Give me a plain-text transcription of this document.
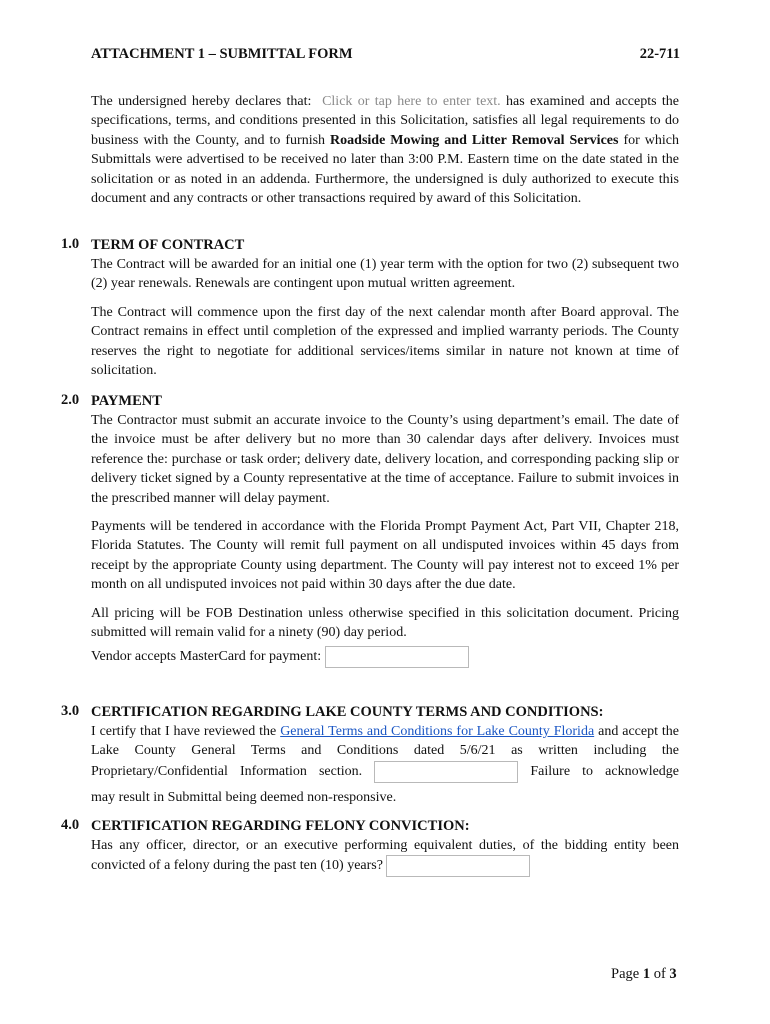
ATTACHMENT 1 – SUBMITTAL FORM	22-711
The undersigned hereby declares that: Click or tap here to enter text. has examined and accepts the specifications, terms, and conditions presented in this Solicitation, satisfies all legal requirements to do business with the County, and to furnish Roadside Mowing and Litter Removal Services for which Submittals were advertised to be received no later than 3:00 P.M. Eastern time on the date stated in the solicitation or as noted in an addenda. Furthermore, the undersigned is duly authorized to execute this document and any contracts or other transactions required by award of this Solicitation.
1.0 TERM OF CONTRACT
The Contract will be awarded for an initial one (1) year term with the option for two (2) subsequent two (2) year renewals. Renewals are contingent upon mutual written agreement.
The Contract will commence upon the first day of the next calendar month after Board approval. The Contract remains in effect until completion of the expressed and implied warranty periods. The County reserves the right to negotiate for additional services/items similar in nature not known at time of solicitation.
2.0 PAYMENT
The Contractor must submit an accurate invoice to the County’s using department’s email. The date of the invoice must be after delivery but no more than 30 calendar days after delivery. Invoices must reference the: purchase or task order; delivery date, delivery location, and corresponding packing slip or delivery ticket signed by a County representative at the time of acceptance. Failure to submit invoices in the prescribed manner will delay payment.
Payments will be tendered in accordance with the Florida Prompt Payment Act, Part VII, Chapter 218, Florida Statutes. The County will remit full payment on all undisputed invoices within 45 days from receipt by the appropriate County using department. The County will pay interest not to exceed 1% per month on all undisputed invoices not paid within 30 days after the due date.
All pricing will be FOB Destination unless otherwise specified in this solicitation document. Pricing submitted will remain valid for a ninety (90) day period.
Vendor accepts MasterCard for payment:
3.0 CERTIFICATION REGARDING LAKE COUNTY TERMS AND CONDITIONS:
I certify that I have reviewed the General Terms and Conditions for Lake County Florida and accept the Lake County General Terms and Conditions dated 5/6/21 as written including the Proprietary/Confidential Information section.	Failure to acknowledge
may result in Submittal being deemed non-responsive.
4.0 CERTIFICATION REGARDING FELONY CONVICTION:
Has any officer, director, or an executive performing equivalent duties, of the bidding entity been convicted of a felony during the past ten (10) years?
Page 1 of 3
